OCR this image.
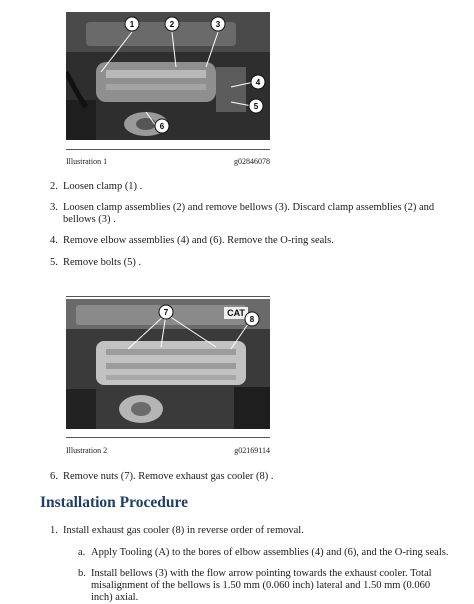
1	2	3
4
5
6
Illustration 1	g02846078
2. Loosen clamp (1) .
3. Loosen clamp assemblies (2) and remove bellows (3). Discard clamp assemblies (2) and
bellows (3) .
4. Remove elbow assemblies (4) and (6). Remove the O-ring seals.
5. Remove bolts (5) .
CAT
7
8
Illustration 2	g02169114
6. Remove nuts (7). Remove exhaust gas cooler (8) .
Installation Procedure
1. Install exhaust gas cooler (8) in reverse order of removal.
a. Apply Tooling (A) to the bores of elbow assemblies (4) and (6), and the O-ring seals.
b. Install bellows (3) with the flow arrow pointing towards the exhaust cooler. Total
misalignment of the bellows is 1.50 mm (0.060 inch) lateral and 1.50 mm (0.060
inch) axial.
